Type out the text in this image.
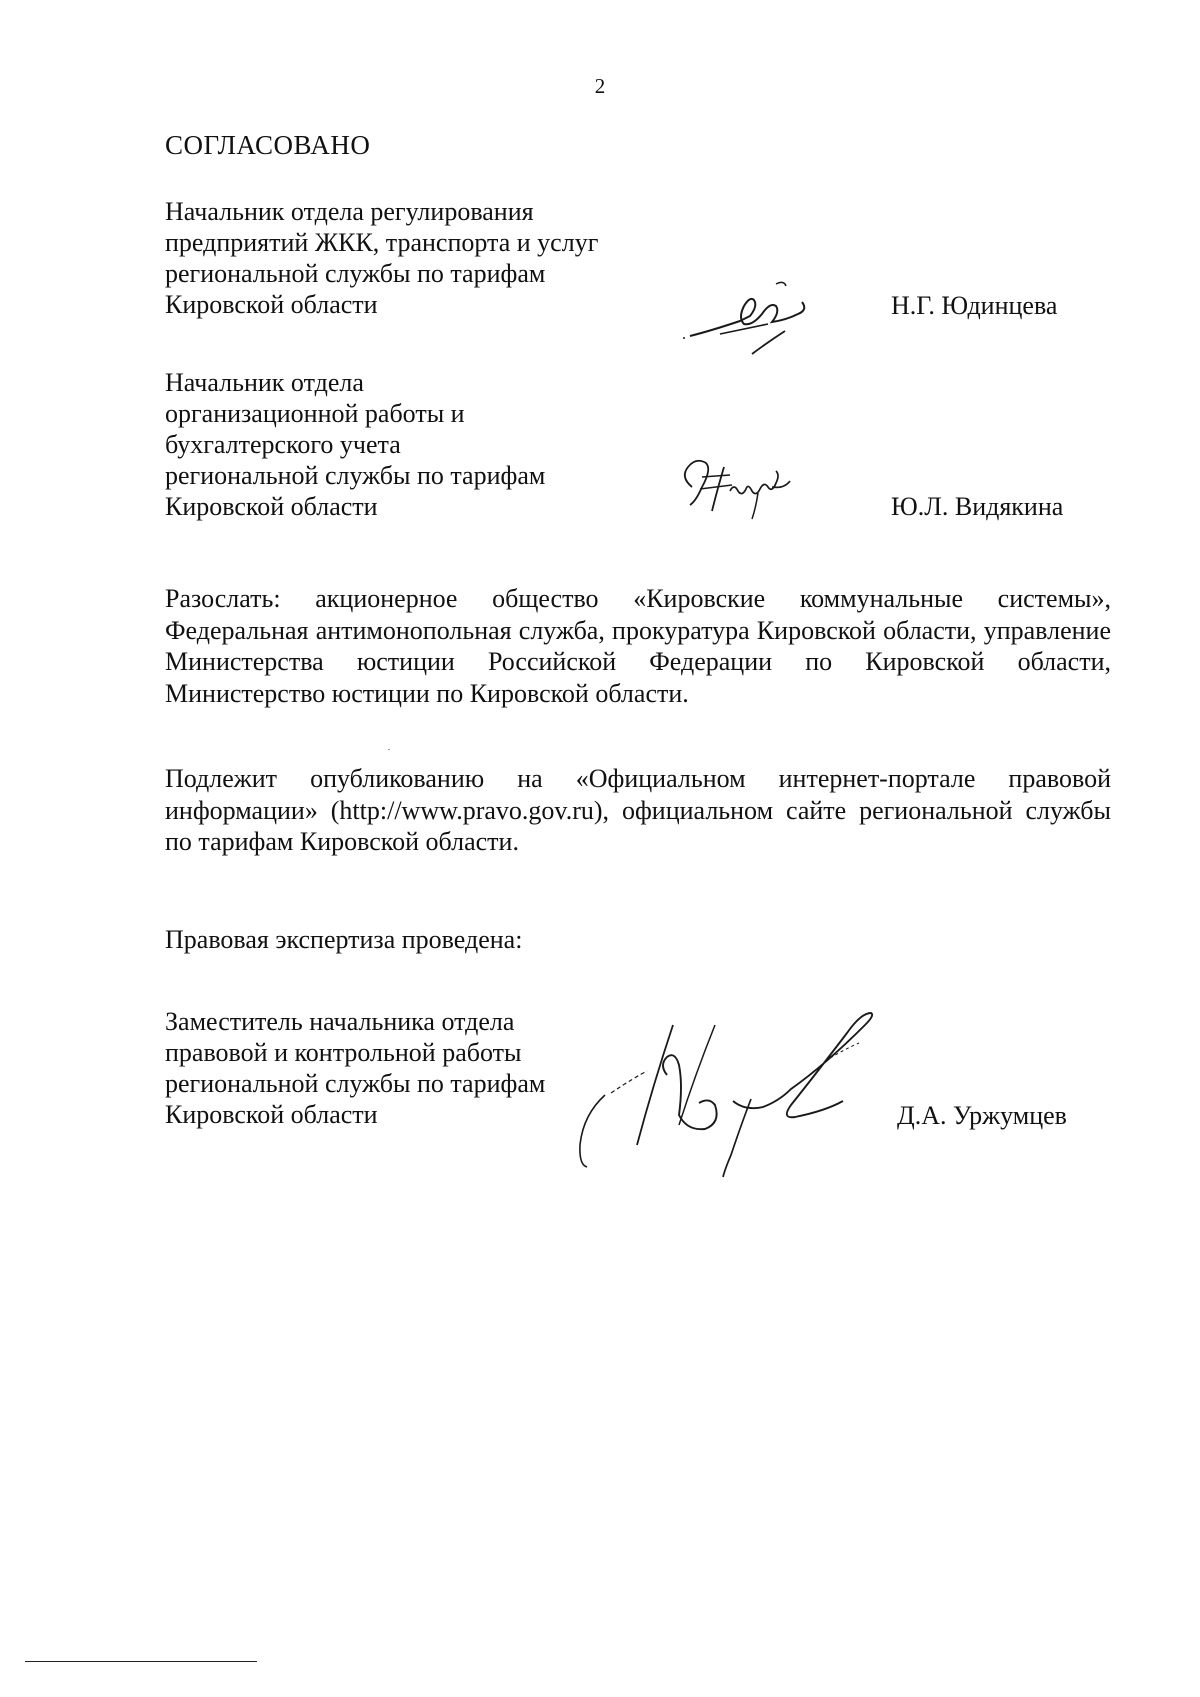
2
СОГЛАСОВАНО
Начальник отдела регулирования
предприятий ЖКК, транспорта и услуг
региональной службы по тарифам
Кировской области	Н.Г. Юдинцева
Начальник отдела
организационной работы и
бухгалтерского учета
региональной службы по тарифам
Кировской области	Ю.Л. Видякина
Разослать: акционерное общество «Кировские коммунальные системы», Федеральная антимонопольная служба, прокуратура Кировской области, управление Министерства юстиции Российской Федерации по Кировской области, Министерство юстиции по Кировской области.
Подлежит опубликованию на «Официальном интернет-портале правовой информации» (http://www.pravo.gov.ru), официальном сайте региональной службы по тарифам Кировской области.
Правовая экспертиза проведена:
Заместитель начальника отдела
правовой и контрольной работы
региональной службы по тарифам
Кировской области	Д.А. Уржумцев
